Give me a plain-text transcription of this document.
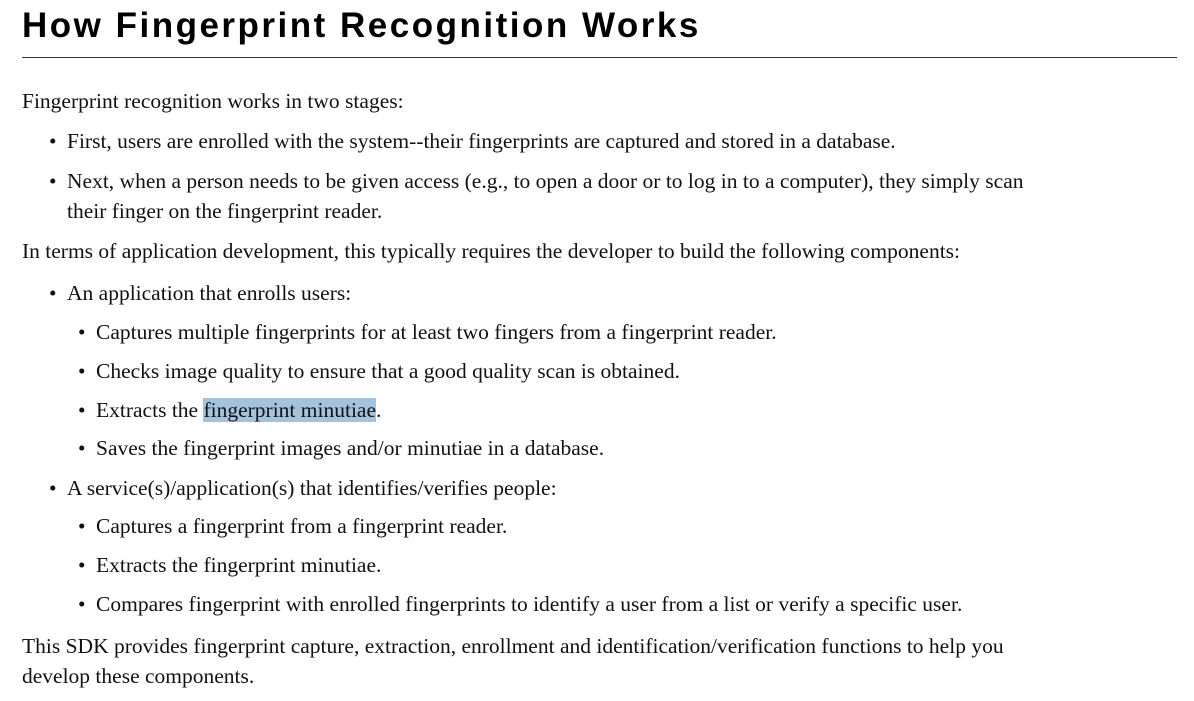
How Fingerprint Recognition Works
Fingerprint recognition works in two stages:
• First, users are enrolled with the system--their fingerprints are captured and stored in a database.
• Next, when a person needs to be given access (e.g., to open a door or to log in to a computer), they simply scan
their finger on the fingerprint reader.
In terms of application development, this typically requires the developer to build the following components:
• An application that enrolls users:
• Captures multiple fingerprints for at least two fingers from a fingerprint reader.
• Checks image quality to ensure that a good quality scan is obtained.
• Extracts the fingerprint minutiae.
• Saves the fingerprint images and/or minutiae in a database.
• A service(s)/application(s) that identifies/verifies people:
• Captures a fingerprint from a fingerprint reader.
• Extracts the fingerprint minutiae.
• Compares fingerprint with enrolled fingerprints to identify a user from a list or verify a specific user.
This SDK provides fingerprint capture, extraction, enrollment and identification/verification functions to help you
develop these components.
